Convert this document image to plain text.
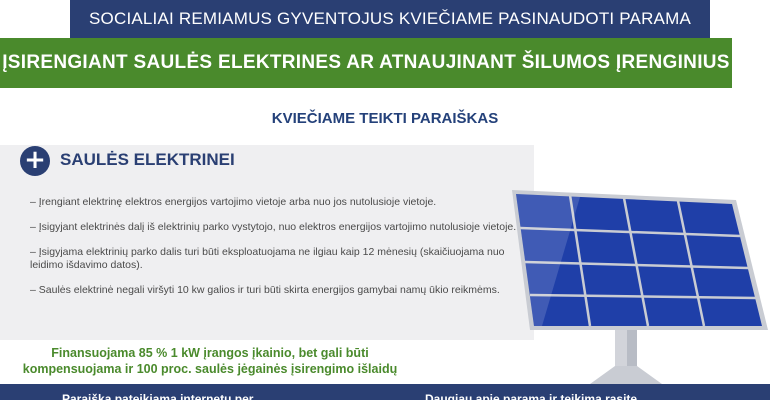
SOCIALIAI REMIAMUS GYVENTOJUS KVIEČIAME PASINAUDOTI PARAMA
ĮSIRENGIANT SAULĖS ELEKTRINES AR ATNAUJINANT ŠILUMOS ĮRENGINIUS
KVIEČIAME TEIKTI PARAIŠKAS
+ SAULĖS ELEKTRINEI
– Įrengiant elektrinę elektros energijos vartojimo vietoje arba nuo jos nutolusioje vietoje.
– Įsigyjant elektrinės dalį iš elektrinių parko vystytojo, nuo elektros energijos vartojimo nutolusioje vietoje.
– Įsigyjama elektrinių parko dalis turi būti eksploatuojama ne ilgiau kaip 12 mėnesių (skaičiuojama nuo leidimo išdavimo datos).
– Saulės elektrinė negali viršyti 10 kw galios ir turi būti skirta energijos gamybai namų ūkio reikmėms.
Finansuojama 85 % 1 kW įrangos įkainio, bet gali būti
kompensuojama ir 100 proc. saulės jėgainės įsirengimo išlaidų
Paraiška pateikiama internetu per	Daugiau apie paramą ir teikimą rasite
